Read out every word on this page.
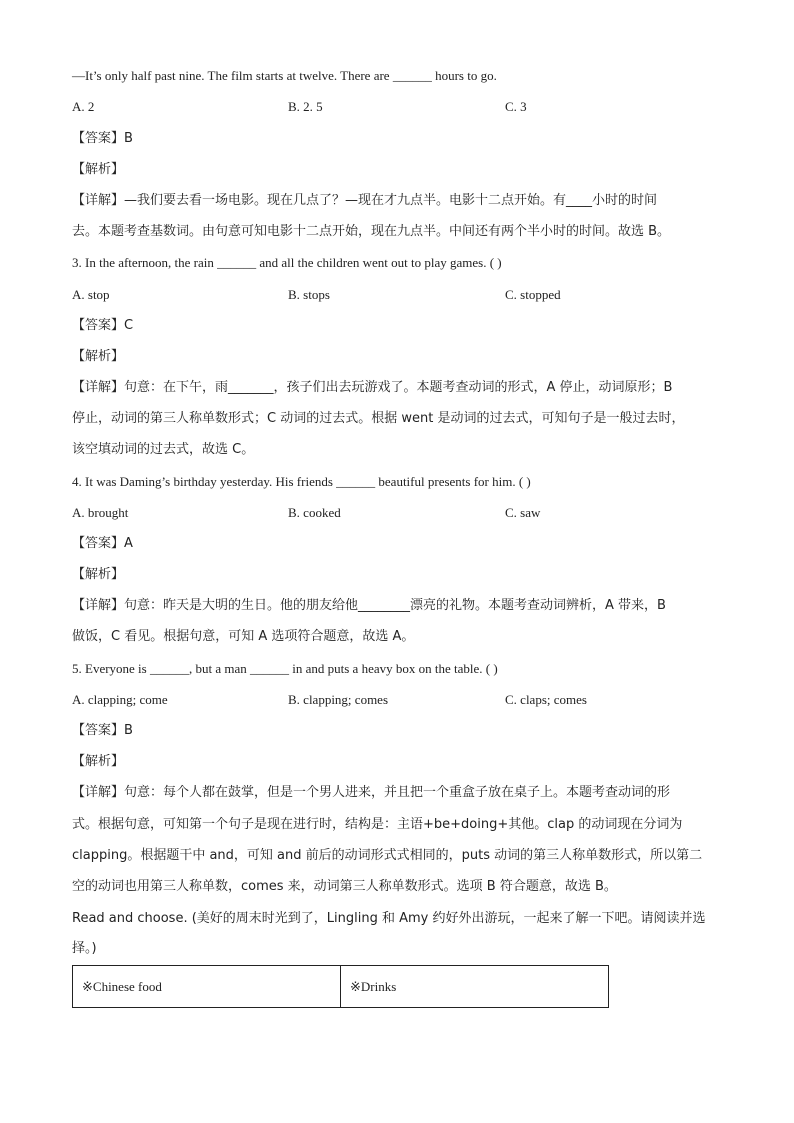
—It’s only half past nine. The film starts at twelve. There are ______ hours to go.
A. 2	B. 2. 5	C. 3
【答案】B
【解析】
【详解】—我们要去看一场电影。现在几点了？—现在才九点半。电影十二点开始。有____小时的时间
去。本题考查基数词。由句意可知电影十二点开始，现在九点半。中间还有两个半小时的时间。故选 B。
3. In the afternoon, the rain ______ and all the children went out to play games. ( )
A. stop	B. stops	C. stopped
【答案】C
【解析】
【详解】句意：在下午，雨_______，孩子们出去玩游戏了。本题考查动词的形式，A 停止，动词原形；B
停止，动词的第三人称单数形式；C 动词的过去式。根据 went 是动词的过去式，可知句子是一般过去时，
该空填动词的过去式，故选 C。
4. It was Daming’s birthday yesterday. His friends ______ beautiful presents for him. ( )
A. brought	B. cooked	C. saw
【答案】A
【解析】
【详解】句意：昨天是大明的生日。他的朋友给他________漂亮的礼物。本题考查动词辨析，A 带来，B
做饭，C 看见。根据句意，可知 A 选项符合题意，故选 A。
5. Everyone is ______, but a man ______ in and puts a heavy box on the table. ( )
A. clapping; come	B. clapping; comes	C. claps; comes
【答案】B
【解析】
【详解】句意：每个人都在鼓掌，但是一个男人进来，并且把一个重盒子放在桌子上。本题考查动词的形
式。根据句意，可知第一个句子是现在进行时，结构是：主语+be+doing+其他。clap 的动词现在分词为
clapping。根据题干中 and，可知 and 前后的动词形式式相同的，puts 动词的第三人称单数形式，所以第二
空的动词也用第三人称单数，comes 来，动词第三人称单数形式。选项 B 符合题意，故选 B。
Read and choose. (美好的周末时光到了，Lingling 和 Amy 约好外出游玩，一起来了解一下吧。请阅读并选
择。)
※Chinese food	※Drinks
